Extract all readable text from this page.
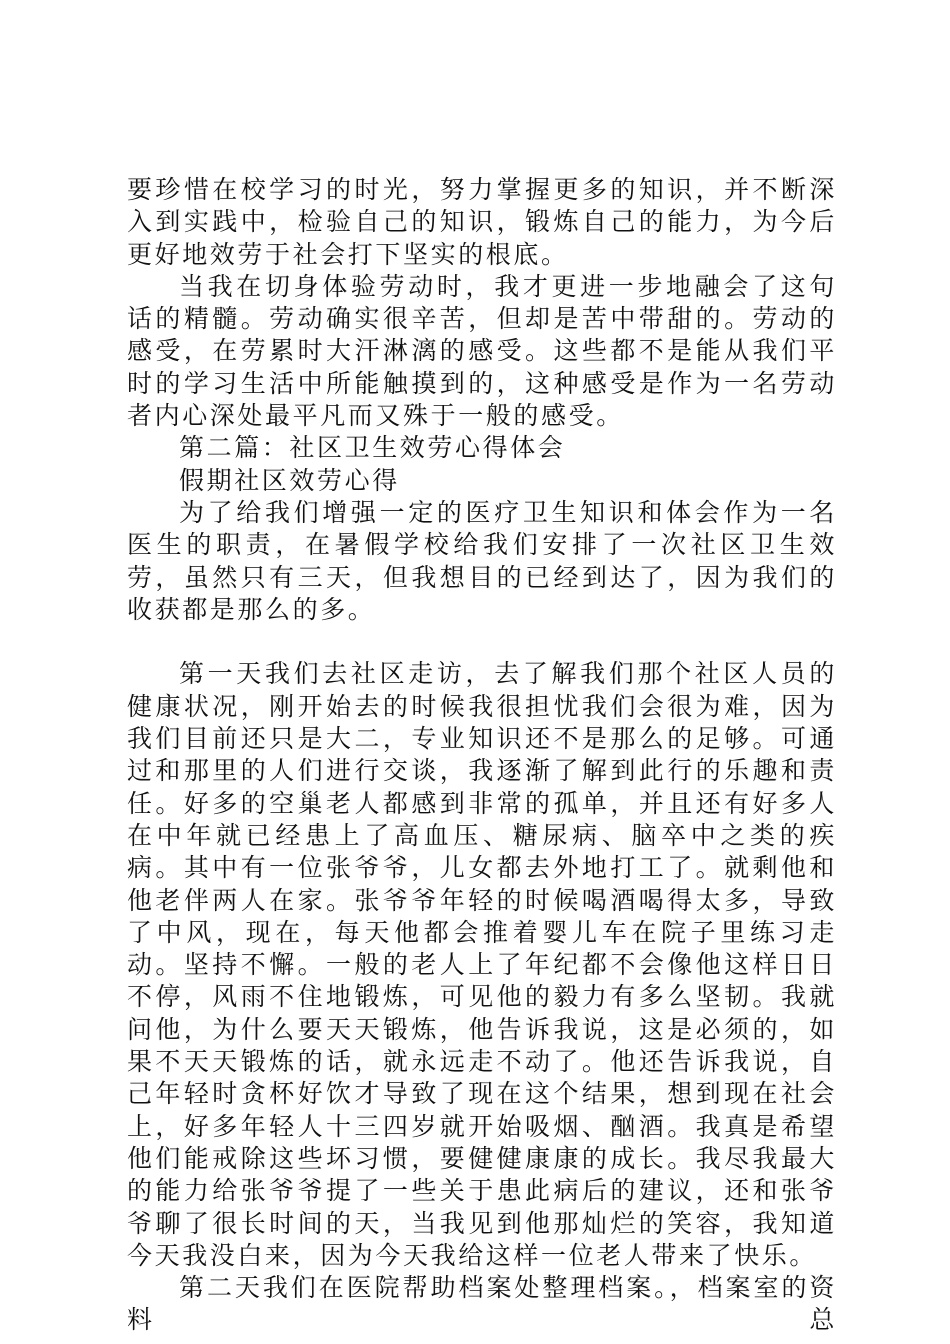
要珍惜在校学习的时光，努力掌握更多的知识，并不断深入到实践中，检验自己的知识，锻炼自己的能力，为今后更好地效劳于社会打下坚实的根底。

当我在切身体验劳动时，我才更进一步地融会了这句话的精髓。劳动确实很辛苦，但却是苦中带甜的。劳动的感受，在劳累时大汗淋漓的感受。这些都不是能从我们平时的学习生活中所能触摸到的，这种感受是作为一名劳动者内心深处最平凡而又殊于一般的感受。

第二篇：社区卫生效劳心得体会

假期社区效劳心得

为了给我们增强一定的医疗卫生知识和体会作为一名医生的职责，在暑假学校给我们安排了一次社区卫生效劳，虽然只有三天，但我想目的已经到达了，因为我们的收获都是那么的多。

第一天我们去社区走访，去了解我们那个社区人员的健康状况，刚开始去的时候我很担忧我们会很为难，因为我们目前还只是大二，专业知识还不是那么的足够。可通过和那里的人们进行交谈，我逐渐了解到此行的乐趣和责任。好多的空巢老人都感到非常的孤单，并且还有好多人在中年就已经患上了高血压、糖尿病、脑卒中之类的疾病。其中有一位张爷爷，儿女都去外地打工了。就剩他和他老伴两人在家。张爷爷年轻的时候喝酒喝得太多，导致了中风，现在，每天他都会推着婴儿车在院子里练习走动。坚持不懈。一般的老人上了年纪都不会像他这样日日不停，风雨不住地锻炼，可见他的毅力有多么坚韧。我就问他，为什么要天天锻炼，他告诉我说，这是必须的，如果不天天锻炼的话，就永远走不动了。他还告诉我说，自己年轻时贪杯好饮才导致了现在这个结果，想到现在社会上，好多年轻人十三四岁就开始吸烟、酗酒。我真是希望他们能戒除这些坏习惯，要健健康康的成长。我尽我最大的能力给张爷爷提了一些关于患此病后的建议，还和张爷爷聊了很长时间的天，当我见到他那灿烂的笑容，我知道今天我没白来，因为今天我给这样一位老人带来了快乐。

第二天我们在医院帮助档案处整理档案。，档案室的资料总
